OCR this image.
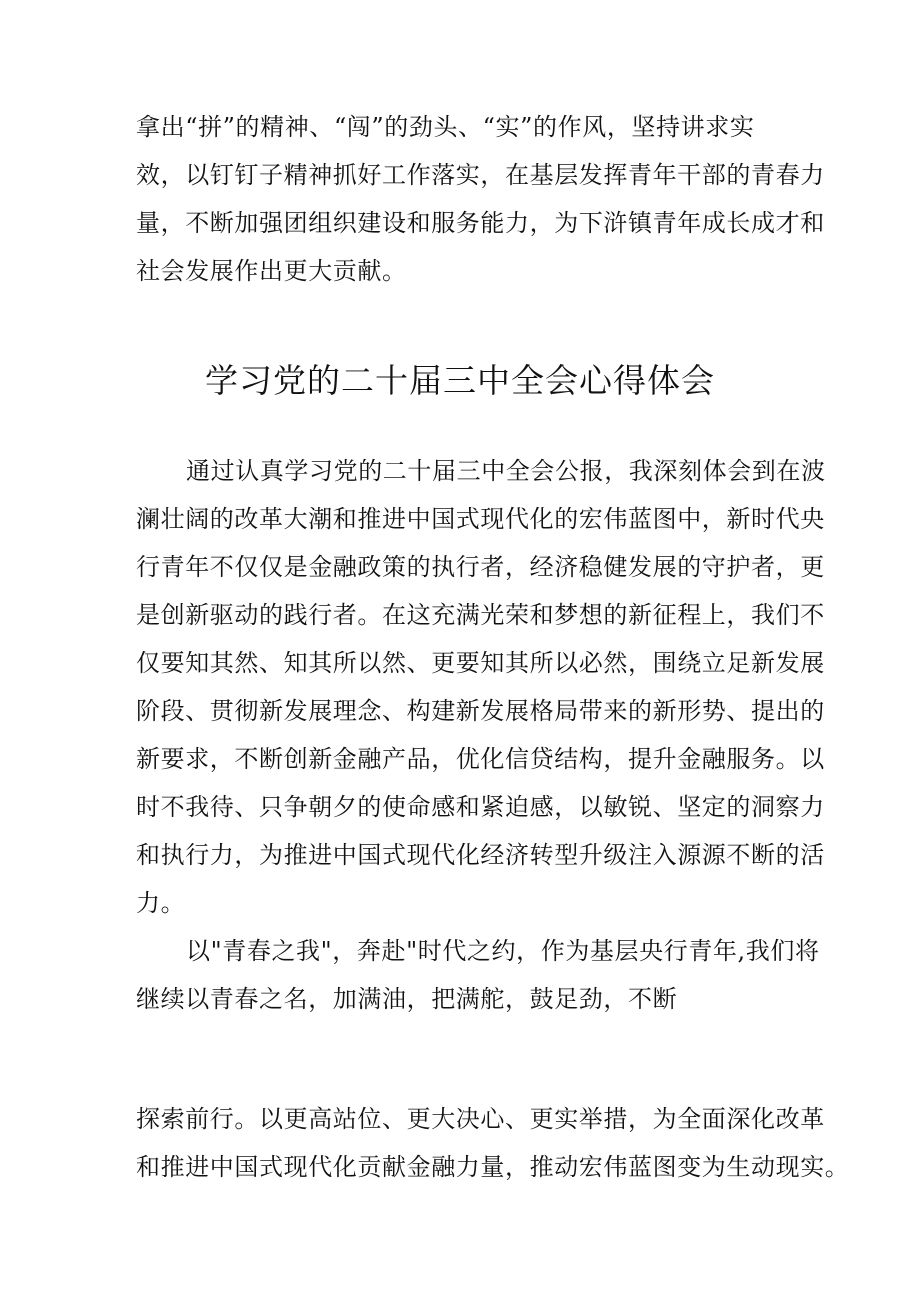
拿出“拼”的精神、“闯”的劲头、“实”的作风，坚持讲求实
效，以钉钉子精神抓好工作落实，在基层发挥青年干部的青春力
量，不断加强团组织建设和服务能力，为下浒镇青年成长成才和
社会发展作出更大贡献。
学习党的二十届三中全会心得体会
通过认真学习党的二十届三中全会公报，我深刻体会到在波
澜壮阔的改革大潮和推进中国式现代化的宏伟蓝图中，新时代央
行青年不仅仅是金融政策的执行者，经济稳健发展的守护者，更
是创新驱动的践行者。在这充满光荣和梦想的新征程上，我们不
仅要知其然、知其所以然、更要知其所以必然，围绕立足新发展
阶段、贯彻新发展理念、构建新发展格局带来的新形势、提出的
新要求，不断创新金融产品，优化信贷结构，提升金融服务。以
时不我待、只争朝夕的使命感和紧迫感，以敏锐、坚定的洞察力
和执行力，为推进中国式现代化经济转型升级注入源源不断的活
力。
以"青春之我"，奔赴"时代之约，作为基层央行青年,我们将
继续以青春之名，加满油，把满舵，鼓足劲，不断
探索前行。以更高站位、更大决心、更实举措，为全面深化改革
和推进中国式现代化贡献金融力量，推动宏伟蓝图变为生动现实。
